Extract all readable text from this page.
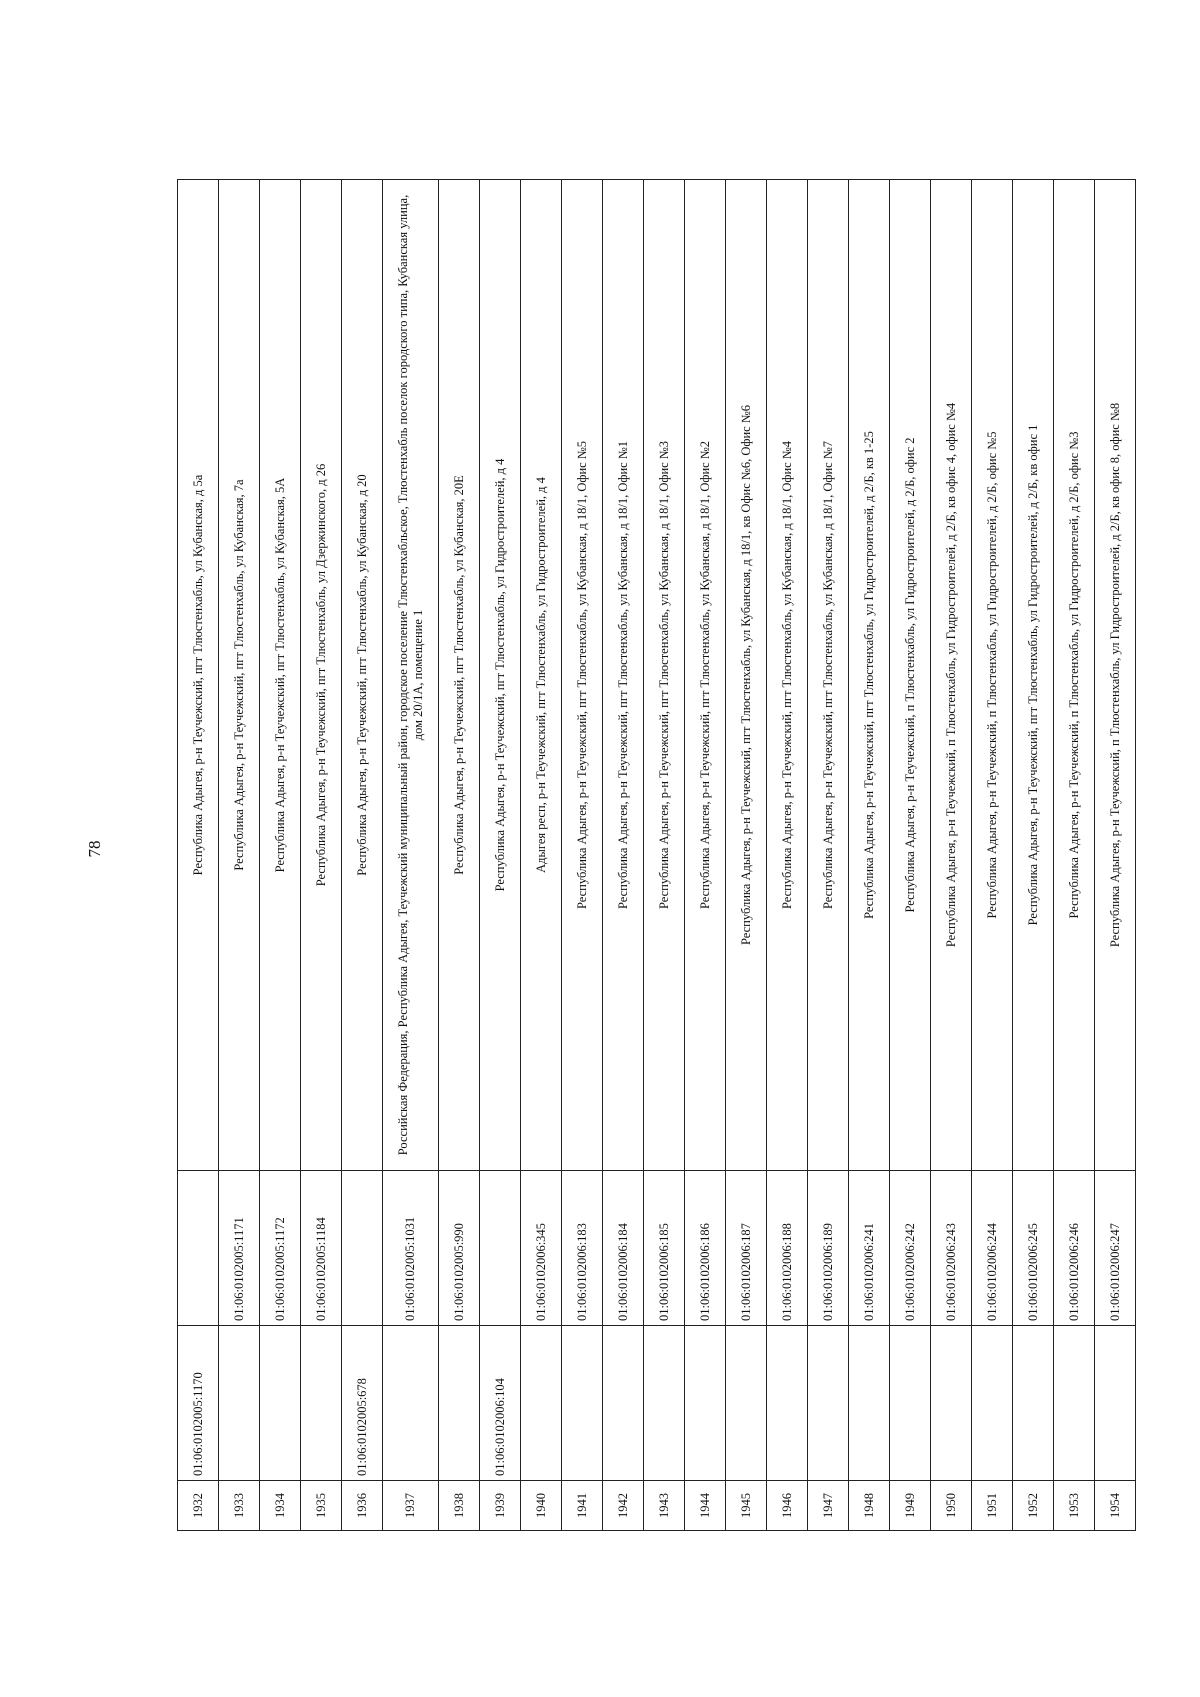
78
1932	01:06:0102005:1170		Республика Адыгея, р-н Теучежский, пгт Тлюстенхабль, ул Кубанская, д 5а
1933		01:06:0102005:1171	Республика Адыгея, р-н Теучежский, пгт Тлюстенхабль, ул Кубанская, 7а
1934		01:06:0102005:1172	Республика Адыгея, р-н Теучежский, пгт Тлюстенхабль, ул Кубанская, 5А
1935		01:06:0102005:1184	Республика Адыгея, р-н Теучежский, пгт Тлюстенхабль, ул Дзержинского, д 26
1936	01:06:0102005:678		Республика Адыгея, р-н Теучежский, пгт Тлюстенхабль, ул Кубанская, д 20
1937		01:06:0102005:1031	Российская Федерация, Республика Адыгея, Теучежский муниципальный район, городское поселение Тлюстенхабльское, Тлюстенхабль поселок городского типа, Кубанская улица, дом 20/1А, помещение 1
1938		01:06:0102005:990	Республика Адыгея, р-н Теучежский, пгт Тлюстенхабль, ул Кубанская, 20Е
1939	01:06:0102006:104		Республика Адыгея, р-н Теучежский, пгт Тлюстенхабль, ул Гидростроителей, д 4
1940		01:06:0102006:345	Адыгея респ, р-н Теучежский, пгт Тлюстенхабль, ул Гидростроителей, д 4
1941		01:06:0102006:183	Республика Адыгея, р-н Теучежский, пгт Тлюстенхабль, ул Кубанская, д 18/1, Офис №5
1942		01:06:0102006:184	Республика Адыгея, р-н Теучежский, пгт Тлюстенхабль, ул Кубанская, д 18/1, Офис №1
1943		01:06:0102006:185	Республика Адыгея, р-н Теучежский, пгт Тлюстенхабль, ул Кубанская, д 18/1, Офис №3
1944		01:06:0102006:186	Республика Адыгея, р-н Теучежский, пгт Тлюстенхабль, ул Кубанская, д 18/1, Офис №2
1945		01:06:0102006:187	Республика Адыгея, р-н Теучежский, пгт Тлюстенхабль, ул Кубанская, д 18/1, кв Офис №6, Офис №6
1946		01:06:0102006:188	Республика Адыгея, р-н Теучежский, пгт Тлюстенхабль, ул Кубанская, д 18/1, Офис №4
1947		01:06:0102006:189	Республика Адыгея, р-н Теучежский, пгт Тлюстенхабль, ул Кубанская, д 18/1, Офис №7
1948		01:06:0102006:241	Республика Адыгея, р-н Теучежский, пгт Тлюстенхабль, ул Гидростроителей, д 2/Б, кв 1-25
1949		01:06:0102006:242	Республика Адыгея, р-н Теучежский, п Тлюстенхабль, ул Гидростроителей, д 2/Б, офис 2
1950		01:06:0102006:243	Республика Адыгея, р-н Теучежский, п Тлюстенхабль, ул Гидростроителей, д 2/Б, кв офис 4, офис №4
1951		01:06:0102006:244	Республика Адыгея, р-н Теучежский, п Тлюстенхабль, ул Гидростроителей, д 2/Б, офис №5
1952		01:06:0102006:245	Республика Адыгея, р-н Теучежский, пгт Тлюстенхабль, ул Гидростроителей, д 2/Б, кв офис 1
1953		01:06:0102006:246	Республика Адыгея, р-н Теучежский, п Тлюстенхабль, ул Гидростроителей, д 2/Б, офис №3
1954		01:06:0102006:247	Республика Адыгея, р-н Теучежский, п Тлюстенхабль, ул Гидростроителей, д 2/Б, кв офис 8, офис №8
